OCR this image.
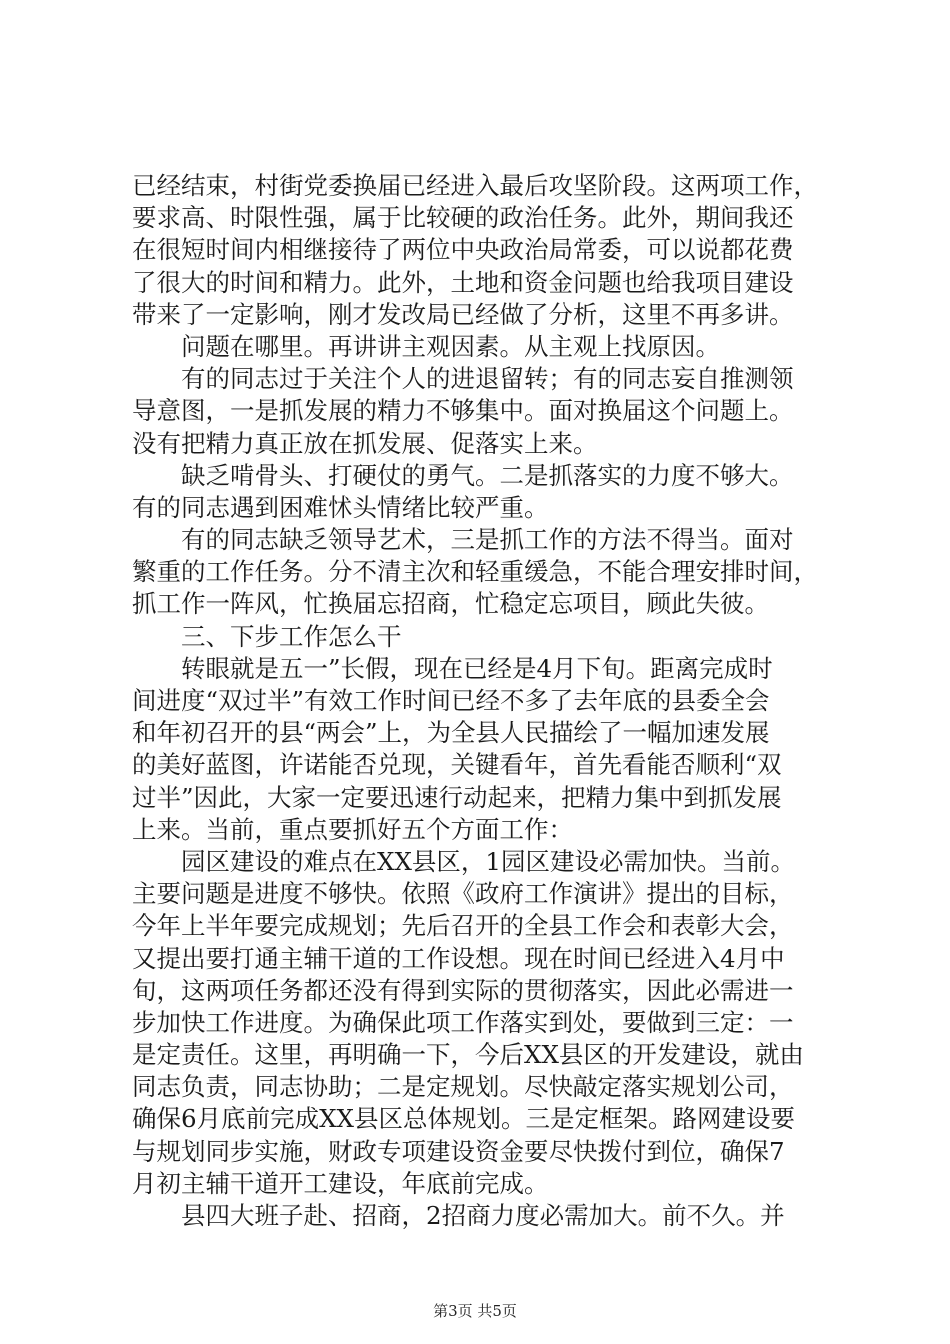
已经结束，村街党委换届已经进入最后攻坚阶段。这两项工作，
要求高、时限性强，属于比较硬的政治任务。此外，期间我还
在很短时间内相继接待了两位中央政治局常委，可以说都花费
了很大的时间和精力。此外，土地和资金问题也给我项目建设
带来了一定影响，刚才发改局已经做了分析，这里不再多讲。
问题在哪里。再讲讲主观因素。从主观上找原因。
有的同志过于关注个人的进退留转；有的同志妄自推测领
导意图，一是抓发展的精力不够集中。面对换届这个问题上。
没有把精力真正放在抓发展、促落实上来。
缺乏啃骨头、打硬仗的勇气。二是抓落实的力度不够大。
有的同志遇到困难怵头情绪比较严重。
有的同志缺乏领导艺术，三是抓工作的方法不得当。面对
繁重的工作任务。分不清主次和轻重缓急，不能合理安排时间，
抓工作一阵风，忙换届忘招商，忙稳定忘项目，顾此失彼。
三、下步工作怎么干
转眼就是五一”长假，现在已经是4月下旬。距离完成时
间进度“双过半”有效工作时间已经不多了去年底的县委全会
和年初召开的县“两会”上，为全县人民描绘了一幅加速发展
的美好蓝图，许诺能否兑现，关键看年，首先看能否顺利“双
过半”因此，大家一定要迅速行动起来，把精力集中到抓发展
上来。当前，重点要抓好五个方面工作：
园区建设的难点在XX县区，1园区建设必需加快。当前。
主要问题是进度不够快。依照《政府工作演讲》提出的目标，
今年上半年要完成规划；先后召开的全县工作会和表彰大会，
又提出要打通主辅干道的工作设想。现在时间已经进入4月中
旬，这两项任务都还没有得到实际的贯彻落实，因此必需进一
步加快工作进度。为确保此项工作落实到处，要做到三定：一
是定责任。这里，再明确一下，今后XX县区的开发建设，就由
同志负责，同志协助；二是定规划。尽快敲定落实规划公司，
确保6月底前完成XX县区总体规划。三是定框架。路网建设要
与规划同步实施，财政专项建设资金要尽快拨付到位，确保7
月初主辅干道开工建设，年底前完成。
县四大班子赴、招商，2招商力度必需加大。前不久。并
第3页 共5页
